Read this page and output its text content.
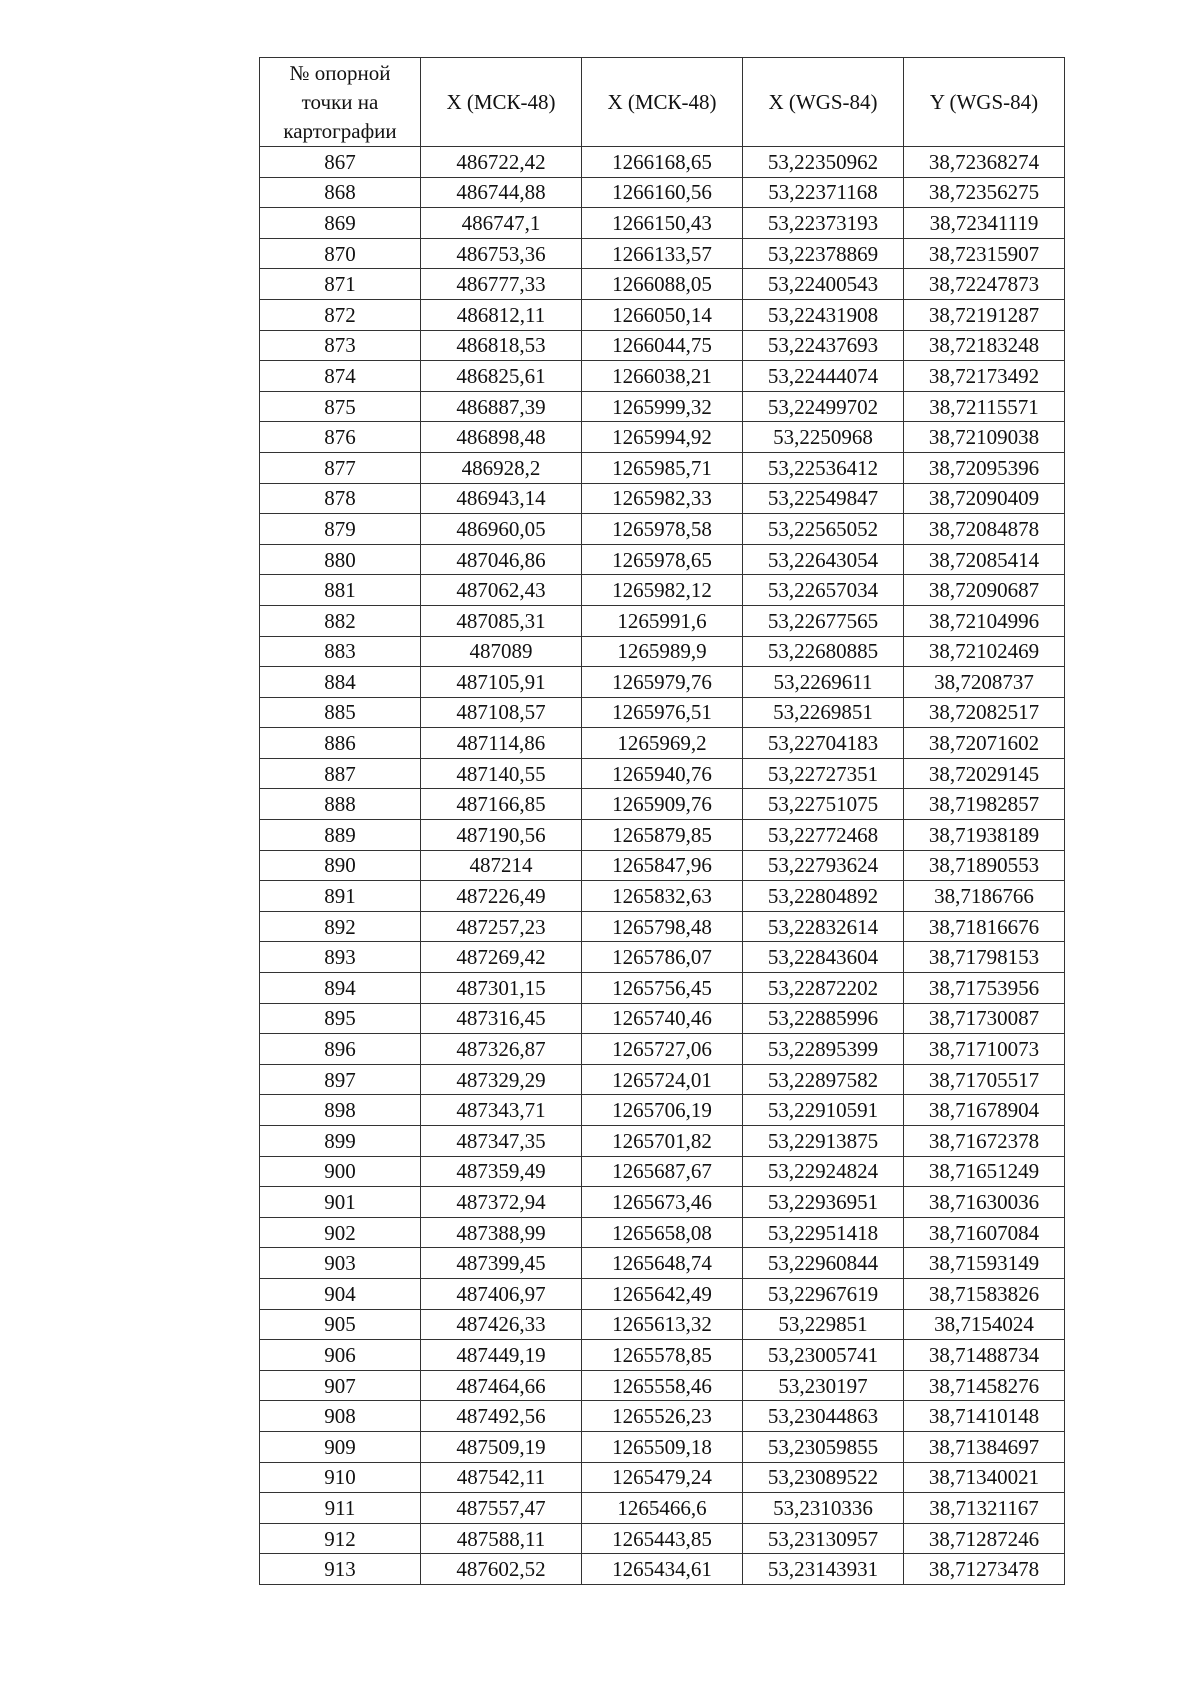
№ опорной точки на картографии	X (МСК-48)	X (МСК-48)	X (WGS-84)	Y (WGS-84)
867	486722,42	1266168,65	53,22350962	38,72368274
868	486744,88	1266160,56	53,22371168	38,72356275
869	486747,1	1266150,43	53,22373193	38,72341119
870	486753,36	1266133,57	53,22378869	38,72315907
871	486777,33	1266088,05	53,22400543	38,72247873
872	486812,11	1266050,14	53,22431908	38,72191287
873	486818,53	1266044,75	53,22437693	38,72183248
874	486825,61	1266038,21	53,22444074	38,72173492
875	486887,39	1265999,32	53,22499702	38,72115571
876	486898,48	1265994,92	53,2250968	38,72109038
877	486928,2	1265985,71	53,22536412	38,72095396
878	486943,14	1265982,33	53,22549847	38,72090409
879	486960,05	1265978,58	53,22565052	38,72084878
880	487046,86	1265978,65	53,22643054	38,72085414
881	487062,43	1265982,12	53,22657034	38,72090687
882	487085,31	1265991,6	53,22677565	38,72104996
883	487089	1265989,9	53,22680885	38,72102469
884	487105,91	1265979,76	53,2269611	38,7208737
885	487108,57	1265976,51	53,2269851	38,72082517
886	487114,86	1265969,2	53,22704183	38,72071602
887	487140,55	1265940,76	53,22727351	38,72029145
888	487166,85	1265909,76	53,22751075	38,71982857
889	487190,56	1265879,85	53,22772468	38,71938189
890	487214	1265847,96	53,22793624	38,71890553
891	487226,49	1265832,63	53,22804892	38,7186766
892	487257,23	1265798,48	53,22832614	38,71816676
893	487269,42	1265786,07	53,22843604	38,71798153
894	487301,15	1265756,45	53,22872202	38,71753956
895	487316,45	1265740,46	53,22885996	38,71730087
896	487326,87	1265727,06	53,22895399	38,71710073
897	487329,29	1265724,01	53,22897582	38,71705517
898	487343,71	1265706,19	53,22910591	38,71678904
899	487347,35	1265701,82	53,22913875	38,71672378
900	487359,49	1265687,67	53,22924824	38,71651249
901	487372,94	1265673,46	53,22936951	38,71630036
902	487388,99	1265658,08	53,22951418	38,71607084
903	487399,45	1265648,74	53,22960844	38,71593149
904	487406,97	1265642,49	53,22967619	38,71583826
905	487426,33	1265613,32	53,229851	38,7154024
906	487449,19	1265578,85	53,23005741	38,71488734
907	487464,66	1265558,46	53,230197	38,71458276
908	487492,56	1265526,23	53,23044863	38,71410148
909	487509,19	1265509,18	53,23059855	38,71384697
910	487542,11	1265479,24	53,23089522	38,71340021
911	487557,47	1265466,6	53,2310336	38,71321167
912	487588,11	1265443,85	53,23130957	38,71287246
913	487602,52	1265434,61	53,23143931	38,71273478
